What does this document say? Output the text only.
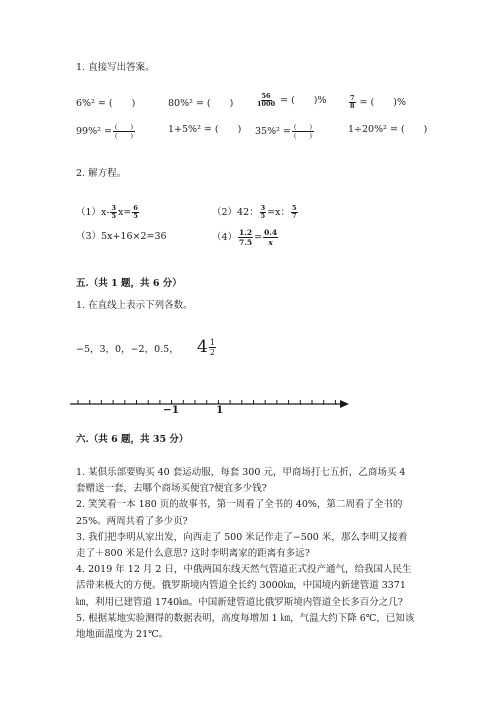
1. 直接写出答案。
6%² = (　　)	80%² = (　　)	$\frac{56}{1000}$ = (　　)%	$\frac{7}{8}$ = (　　)%
$99\%^2 = \frac{( )}{( )}$	1+5%² = (　　) $35\%^2 = \frac{( )}{( )}$	1÷20%² = (　　)
2. 解方程。
$(1)x- \frac{3}{5} x= \frac{6}{5}$	（2）42： $\frac{3}{5} =x$： $\frac{5}{7}$
（3）5x+16×2=36	$(4) \frac{1.2}{7.5} = \frac{0.4}{x}$
五.（共 1 题，共 6 分）
1. 在直线上表示下列各数。
−5，3，0，−2，0.5， $4 \frac{1}{2}$
−1	1
六.（共 6 题，共 35 分）
1. 某俱乐部要购买 40 套运动服，每套 300 元，甲商场打七五折，乙商场买 4 套赠送一套，去哪个商场买便宜?便宜多少钱?
2. 笑笑看一本 180 页的故事书，第一周看了全书的 40%，第二周看了全书的 25%。两周共看了多少页?
3. 我们把李明从家出发，向西走了 500 米记作走了−500 米，那么李明又接着走了＋800 米是什么意思? 这时李明离家的距离有多远?
4. 2019 年 12 月 2 日，中俄两国东线天然气管道正式投产通气，给我国人民生活带来极大的方便。俄罗斯境内管道全长约 3000㎞，中国境内新建管道 3371㎞，利用已建管道 1740㎞。中国新建管道比俄罗斯境内管道全长多百分之几?
5. 根据某地实验测得的数据表明，高度每增加 1 ㎞，气温大约下降 6℃，已知该地地面温度为 21℃。
